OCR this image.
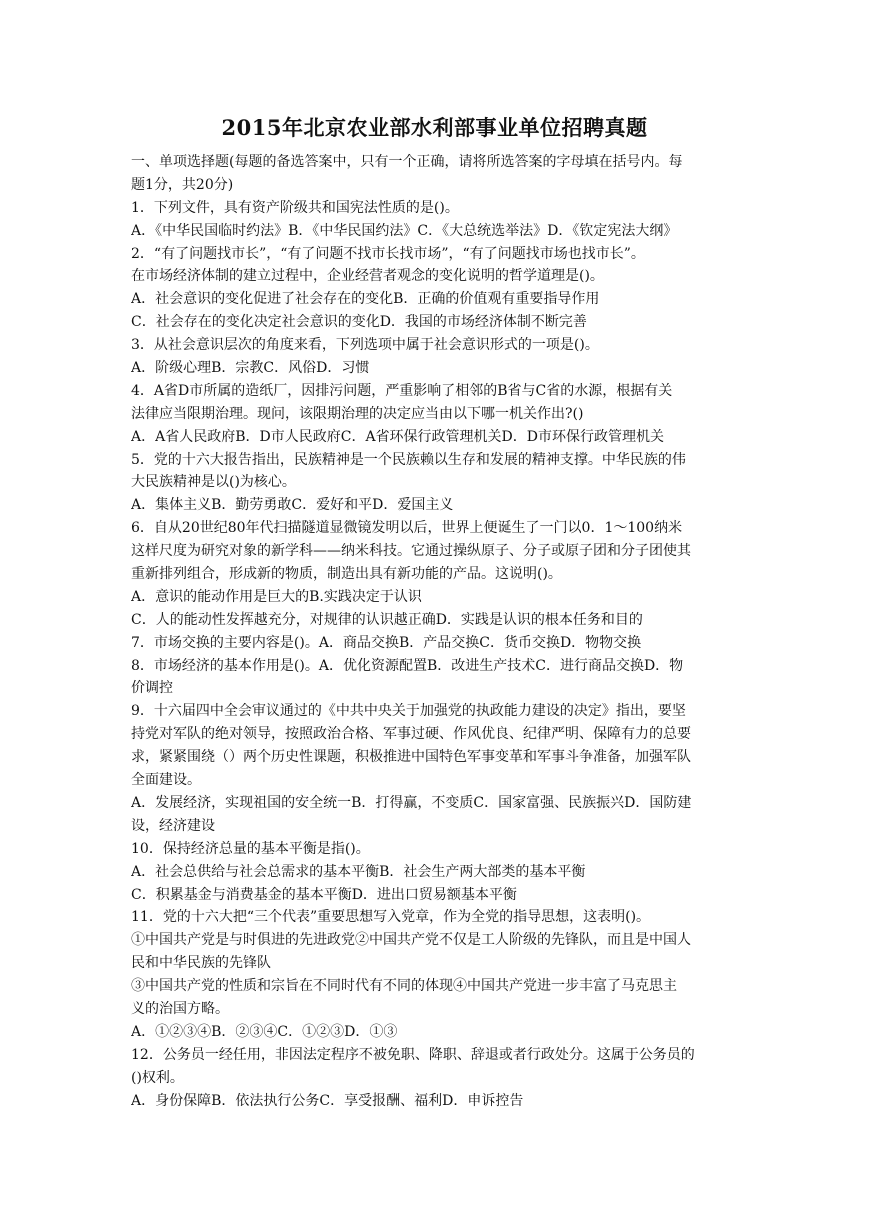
2015年北京农业部水利部事业单位招聘真题
一、单项选择题(每题的备选答案中，只有一个正确，请将所选答案的字母填在括号内。每
题1分，共20分)
1．下列文件，具有资产阶级共和国宪法性质的是()。
A．《中华民国临时约法》B．《中华民国约法》C．《大总统选举法》D．《钦定宪法大纲》
2．“有了问题找市长”，“有了问题不找市长找市场”，“有了问题找市场也找市长”。
在市场经济体制的建立过程中，企业经营者观念的变化说明的哲学道理是()。
A．社会意识的变化促进了社会存在的变化B．正确的价值观有重要指导作用
C．社会存在的变化决定社会意识的变化D．我国的市场经济体制不断完善
3．从社会意识层次的角度来看，下列选项中属于社会意识形式的一项是()。
A．阶级心理B．宗教C．风俗D．习惯
4．A省D市所属的造纸厂，因排污问题，严重影响了相邻的B省与C省的水源，根据有关
法律应当限期治理。现问，该限期治理的决定应当由以下哪一机关作出?()
A．A省人民政府B．D市人民政府C．A省环保行政管理机关D．D市环保行政管理机关
5．党的十六大报告指出，民族精神是一个民族赖以生存和发展的精神支撑。中华民族的伟
大民族精神是以()为核心。
A．集体主义B．勤劳勇敢C．爱好和平D．爱国主义
6．自从20世纪80年代扫描隧道显微镜发明以后，世界上便诞生了一门以0．1～100纳米
这样尺度为研究对象的新学科——纳米科技。它通过操纵原子、分子或原子团和分子团使其
重新排列组合，形成新的物质，制造出具有新功能的产品。这说明()。
A．意识的能动作用是巨大的B.实践决定于认识
C．人的能动性发挥越充分，对规律的认识越正确D．实践是认识的根本任务和目的
7．市场交换的主要内容是()。A．商品交换B．产品交换C．货币交换D．物物交换
8．市场经济的基本作用是()。A．优化资源配置B．改进生产技术C．进行商品交换D．物
价调控
9．十六届四中全会审议通过的《中共中央关于加强党的执政能力建设的决定》指出，要坚
持党对军队的绝对领导，按照政治合格、军事过硬、作风优良、纪律严明、保障有力的总要
求，紧紧围绕（）两个历史性课题，积极推进中国特色军事变革和军事斗争准备，加强军队
全面建设。
A．发展经济，实现祖国的安全统一B．打得赢，不变质C．国家富强、民族振兴D．国防建
设，经济建设
10．保持经济总量的基本平衡是指()。
A．社会总供给与社会总需求的基本平衡B．社会生产两大部类的基本平衡
C．积累基金与消费基金的基本平衡D．进出口贸易额基本平衡
11．党的十六大把“三个代表”重要思想写入党章，作为全党的指导思想，这表明()。
①中国共产党是与时俱进的先进政党②中国共产党不仅是工人阶级的先锋队，而且是中国人
民和中华民族的先锋队
③中国共产党的性质和宗旨在不同时代有不同的体现④中国共产党进一步丰富了马克思主
义的治国方略。
A．①②③④B．②③④C．①②③D．①③
12．公务员一经任用，非因法定程序不被免职、降职、辞退或者行政处分。这属于公务员的
()权利。
A．身份保障B．依法执行公务C．享受报酬、福利D．申诉控告
